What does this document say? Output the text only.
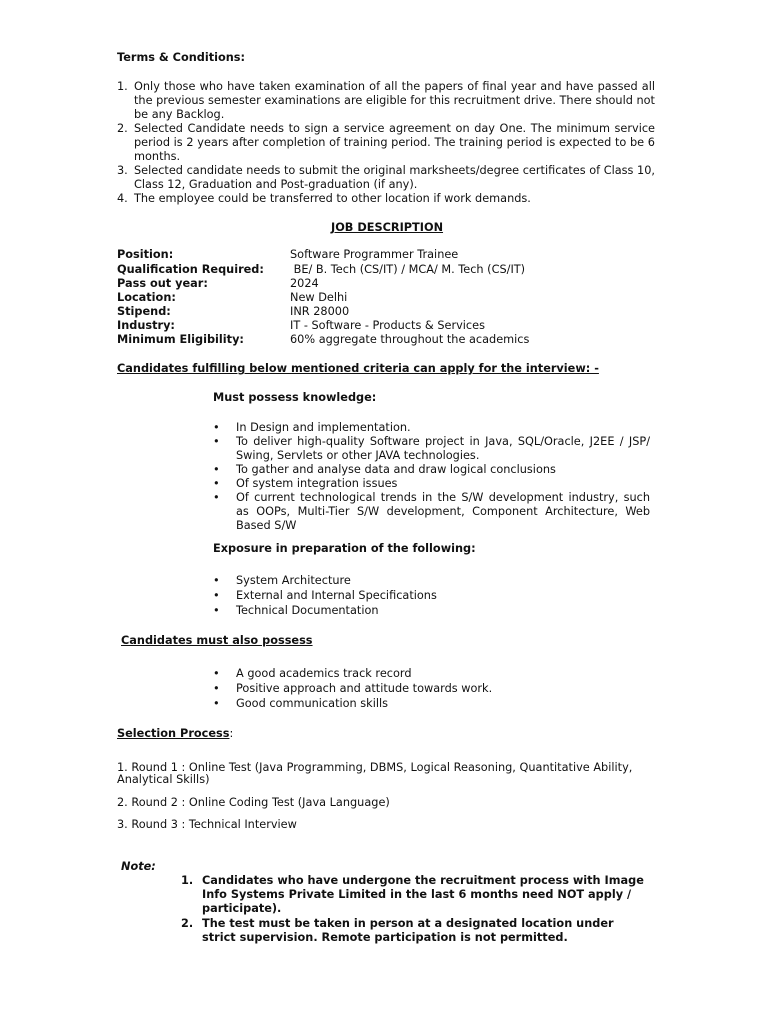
Terms & Conditions:
1. Only those who have taken examination of all the papers of final year and have passed all the previous semester examinations are eligible for this recruitment drive. There should not be any Backlog.
2. Selected Candidate needs to sign a service agreement on day One. The minimum service period is 2 years after completion of training period. The training period is expected to be 6 months.
3. Selected candidate needs to submit the original marksheets/degree certificates of Class 10, Class 12, Graduation and Post-graduation (if any).
4. The employee could be transferred to other location if work demands.
JOB DESCRIPTION
Position:	Software Programmer Trainee
Qualification Required: BE/ B. Tech (CS/IT) / MCA/ M. Tech (CS/IT)
Pass out year:	2024
Location:	New Delhi
Stipend:	INR 28000
Industry:	IT - Software - Products & Services
Minimum Eligibility:	60% aggregate throughout the academics
Candidates fulfilling below mentioned criteria can apply for the interview: -
Must possess knowledge:
• In Design and implementation.
• To deliver high-quality Software project in Java, SQL/Oracle, J2EE / JSP/ Swing, Servlets or other JAVA technologies.
• To gather and analyse data and draw logical conclusions
• Of system integration issues
• Of current technological trends in the S/W development industry, such as OOPs, Multi-Tier S/W development, Component Architecture, Web Based S/W
Exposure in preparation of the following:
• System Architecture
• External and Internal Specifications
• Technical Documentation
Candidates must also possess
• A good academics track record
• Positive approach and attitude towards work.
• Good communication skills
Selection Process:
1. Round 1 : Online Test (Java Programming, DBMS, Logical Reasoning, Quantitative Ability, Analytical Skills)
2. Round 2 : Online Coding Test (Java Language)
3. Round 3 : Technical Interview
Note:
1. Candidates who have undergone the recruitment process with Image Info Systems Private Limited in the last 6 months need NOT apply / participate).
2. The test must be taken in person at a designated location under strict supervision. Remote participation is not permitted.
